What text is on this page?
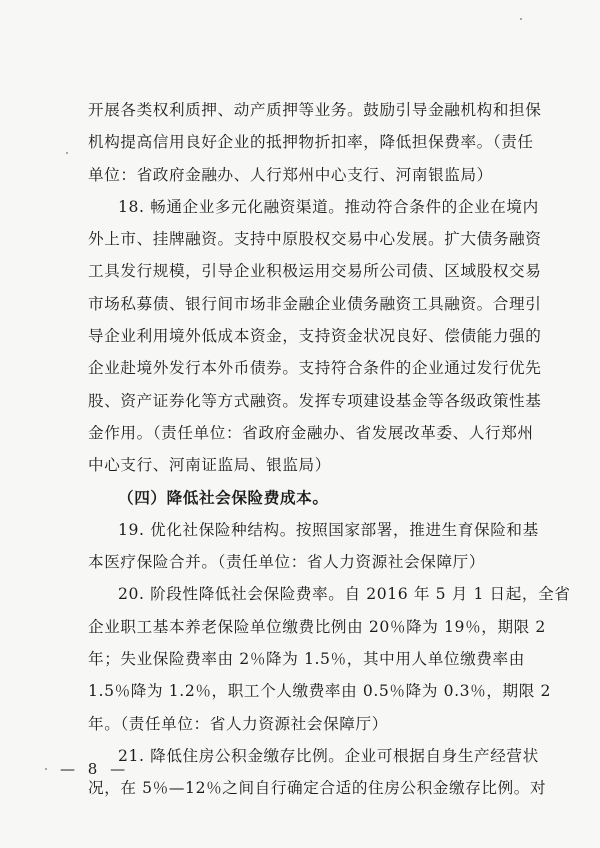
开展各类权利质押、动产质押等业务。鼓励引导金融机构和担保
机构提高信用良好企业的抵押物折扣率，降低担保费率。（责任
单位：省政府金融办、人行郑州中心支行、河南银监局）
18. 畅通企业多元化融资渠道。推动符合条件的企业在境内
外上市、挂牌融资。支持中原股权交易中心发展。扩大债务融资
工具发行规模，引导企业积极运用交易所公司债、区域股权交易
市场私募债、银行间市场非金融企业债务融资工具融资。合理引
导企业利用境外低成本资金，支持资金状况良好、偿债能力强的
企业赴境外发行本外币债券。支持符合条件的企业通过发行优先
股、资产证券化等方式融资。发挥专项建设基金等各级政策性基
金作用。（责任单位：省政府金融办、省发展改革委、人行郑州
中心支行、河南证监局、银监局）
（四）降低社会保险费成本。
19. 优化社保险种结构。按照国家部署，推进生育保险和基
本医疗保险合并。（责任单位：省人力资源社会保障厅）
20. 阶段性降低社会保险费率。自 2016 年 5 月 1 日起，全省
企业职工基本养老保险单位缴费比例由 20％降为 19％，期限 2
年；失业保险费率由 2％降为 1.5％，其中用人单位缴费率由
1.5％降为 1.2％，职工个人缴费率由 0.5％降为 0.3％，期限 2
年。（责任单位：省人力资源社会保障厅）
21. 降低住房公积金缴存比例。企业可根据自身生产经营状
况，在 5％—12％之间自行确定合适的住房公积金缴存比例。对
— 8 —
